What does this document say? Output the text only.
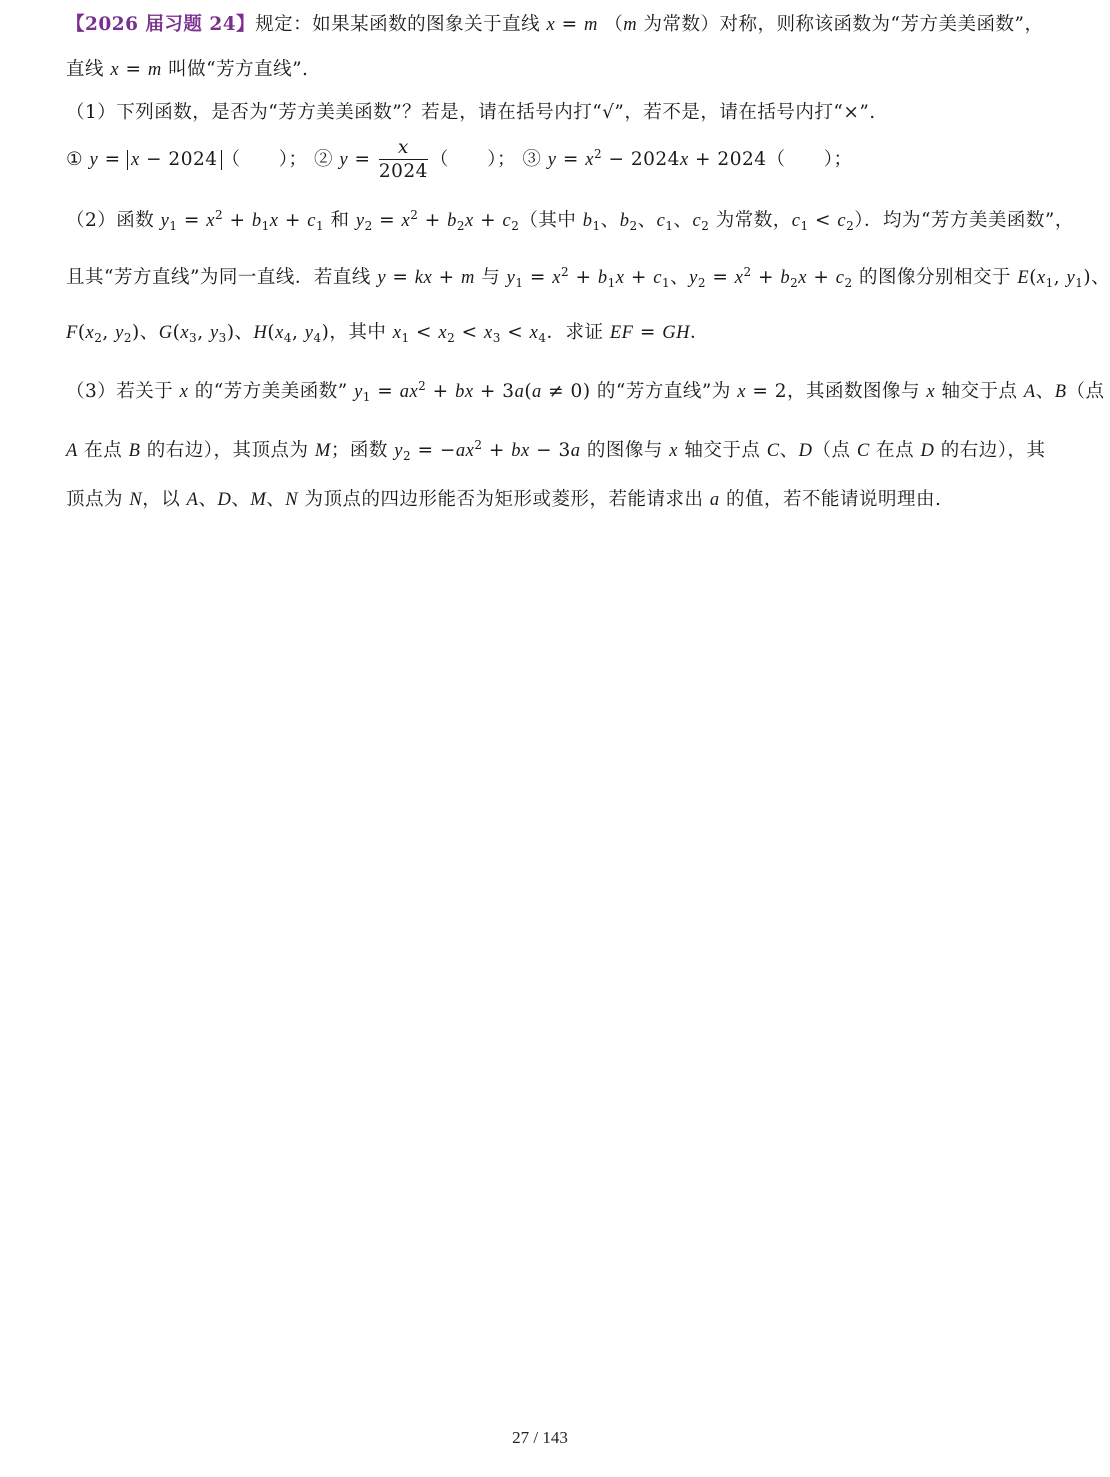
【2026 届习题 24】规定：如果某函数的图象关于直线 x = m （m 为常数）对称，则称该函数为“芳方美美函数”，
直线 x = m 叫做“芳方直线”.
（1）下列函数，是否为“芳方美美函数”？若是，请在括号内打“√”，若不是，请在括号内打“×”.
① y = x − 2024 （      ）； ② $y = \frac{x}{2024}$ （      ）； ③ $y = x^2 - 2024x + 2024$（      ）；
（2）函数 $y_1 = x^2 + b_1x + c_1$ 和 $y_2 = x^2 + b_2x + c_2$（其中 $b_1$、$b_2$、$c_1$、$c_2$ 为常数，$c_1 < c_2$）．均为“芳方美美函数”，
且其“芳方直线”为同一直线．若直线 y = kx + m 与 $y_1 = x^2 + b_1x + c_1$、$y_2 = x^2 + b_2x + c_2$ 的图像分别相交于 $E(x_1$, $y_1$)、
$F(x_2$, $y_2$)、$G(x_3$, $y_3$)、$H(x_4$, $y_4$)，其中 $x_1 < x_2 < x_3 < x_4$．求证 EF = GH．
（3）若关于 x 的“芳方美美函数” $y_1 = ax^2$ + bx + 3a(a ≠ 0) 的“芳方直线”为 x = 2，其函数图像与 x 轴交于点 A、B（点
A 在点 B 的右边），其顶点为 M；函数 $y_2 = -ax^2$ + bx − 3a 的图像与 x 轴交于点 C、D（点 C 在点 D 的右边），其
顶点为 N，以 A、D、M、N 为顶点的四边形能否为矩形或菱形，若能请求出 a 的值，若不能请说明理由.
27 / 143
